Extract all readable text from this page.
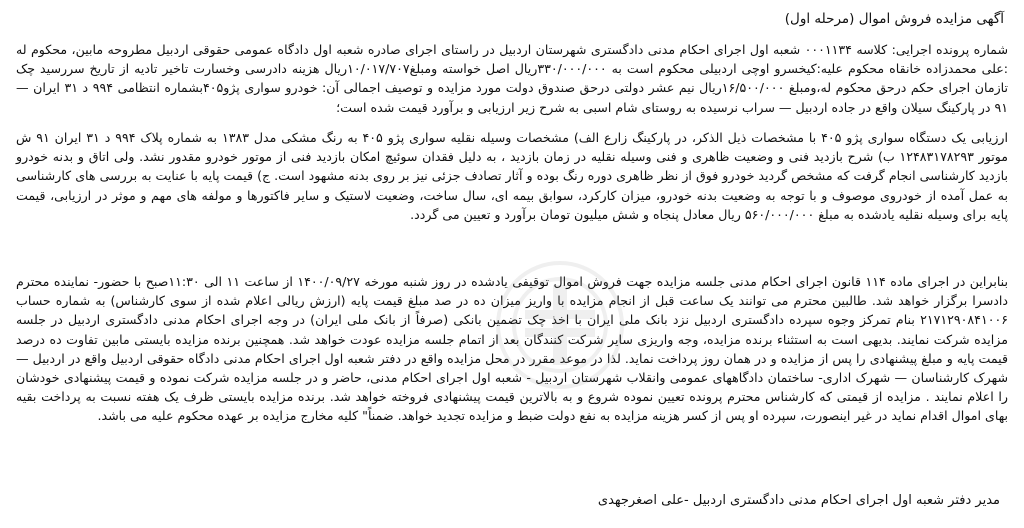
آگهی مزایده فروش اموال (مرحله اول)

شماره پرونده اجرایی: کلاسه ۰۰۰۱۱۳۴ شعبه اول اجرای احکام مدنی دادگستری شهرستان اردبیل در راستای اجرای صادره شعبه اول دادگاه عمومی حقوقی اردبیل مطروحه مابین، محکوم له :علی محمدزاده خانقاه محکوم علیه:کیخسرو اوچی اردبیلی محکوم است به ۳۳۰/۰۰۰/۰۰۰ریال اصل خواسته ومبلغ۱۰/۰۱۷/۷۰۷ریال هزینه دادرسی وخسارت تاخیر تادیه از تاریخ سررسید چک تازمان اجرای حکم درحق محکوم له،ومبلغ ۱۶/۵۰۰/۰۰۰ریال نیم عشر دولتی درحق صندوق دولت مورد مزایده و توصیف اجمالی آن: خودرو سواری پژو۴۰۵بشماره انتظامی ۹۹۴ د ۳۱ ایران — ۹۱ در پارکینگ سیلان واقع در جاده اردبیل — سراب نرسیده به روستای شام اسبی به شرح زیر ارزیابی و برآورد قیمت شده است؛

ارزیابی یک دستگاه سواری پژو ۴۰۵ با مشخصات ذیل الذکر، در پارکینگ زارع الف) مشخصات وسیله نقلیه سواری پژو ۴۰۵ به رنگ مشکی مدل ۱۳۸۳ به شماره پلاک ۹۹۴ د ۳۱ ایران ۹۱ ش موتور ۱۲۴۸۳۱۷۸۲۹۳ ب) شرح بازدید فنی و وضعیت ظاهری و فنی وسیله نقلیه در زمان بازدید ، به دلیل فقدان سوئیچ امکان بازدید فنی از موتور خودرو مقدور نشد. ولی اتاق و بدنه خودرو بازدید کارشناسی انجام گرفت که مشخص گردید خودرو فوق از نظر ظاهری دوره رنگ بوده و آثار تصادف جزئی نیز بر روی بدنه مشهود است. ج) قیمت پایه با عنایت به بررسی های کارشناسی به عمل آمده از خودروی موصوف و با توجه به وضعیت بدنه خودرو، میزان کارکرد، سوابق بیمه ای، سال ساخت، وضعیت لاستیک و سایر فاکتورها و مولفه های مهم و موثر در ارزیابی، قیمت پایه برای وسیله نقلیه یادشده به مبلغ ۵۶۰/۰۰۰/۰۰۰ ریال معادل پنجاه و شش میلیون تومان برآورد و تعیین می گردد.

بنابراین در اجرای ماده ۱۱۴ قانون اجرای احکام مدنی جلسه مزایده جهت فروش اموال توقیفی یادشده در روز شنبه مورخه ۱۴۰۰/۰۹/۲۷ از ساعت ۱۱ الی ۱۱:۳۰صبح با حضور- نماینده محترم دادسرا برگزار خواهد شد. طالبین محترم می توانند یک ساعت قبل از انجام مزایده با واریز میزان ده در صد مبلغ قیمت پایه (ارزش ریالی اعلام شده از سوی کارشناس) به شماره حساب ۲۱۷۱۲۹۰۸۴۱۰۰۶ بنام تمرکز وجوه سپرده دادگستری اردبیل نزد بانک ملی ایران با اخذ چک تضمین بانکی (صرفاً از بانک ملی ایران) در وجه اجرای احکام مدنی دادگستری اردبیل در جلسه مزایده شرکت نمایند. بدیهی است به استثناء برنده مزایده، وجه واریزی سایر شرکت کنندگان بعد از اتمام جلسه مزایده عودت خواهد شد. همچنین برنده مزایده بایستی مابین تفاوت ده درصد قیمت پایه و مبلغ پیشنهادی را پس از مزایده و در همان روز پرداخت نماید. لذا در موعد مقرر در محل مزایده واقع در دفتر شعبه اول اجرای احکام مدنی دادگاه حقوقی اردبیل واقع در اردبیل — شهرک کارشناسان — شهرک اداری- ساختمان دادگاههای عمومی وانقلاب شهرستان اردبیل - شعبه اول اجرای احکام مدنی، حاضر و در جلسه مزایده شرکت نموده و قیمت پیشنهادی خودشان را اعلام نمایند . مزایده از قیمتی که کارشناس محترم پرونده تعیین نموده شروع و به بالاترین قیمت پیشنهادی فروخته خواهد شد. برنده مزایده بایستی ظرف یک هفته نسبت به پرداخت بقیه بهای اموال اقدام نماید در غیر اینصورت، سپرده او پس از کسر هزینه مزایده به نفع دولت ضبط و مزایده تجدید خواهد. ضمناً" کلیه مخارج مزایده بر عهده محکوم علیه می باشد.

مدیر دفتر شعبه اول اجرای احکام مدنی دادگستری اردبیل -علی اصغرجهدی
